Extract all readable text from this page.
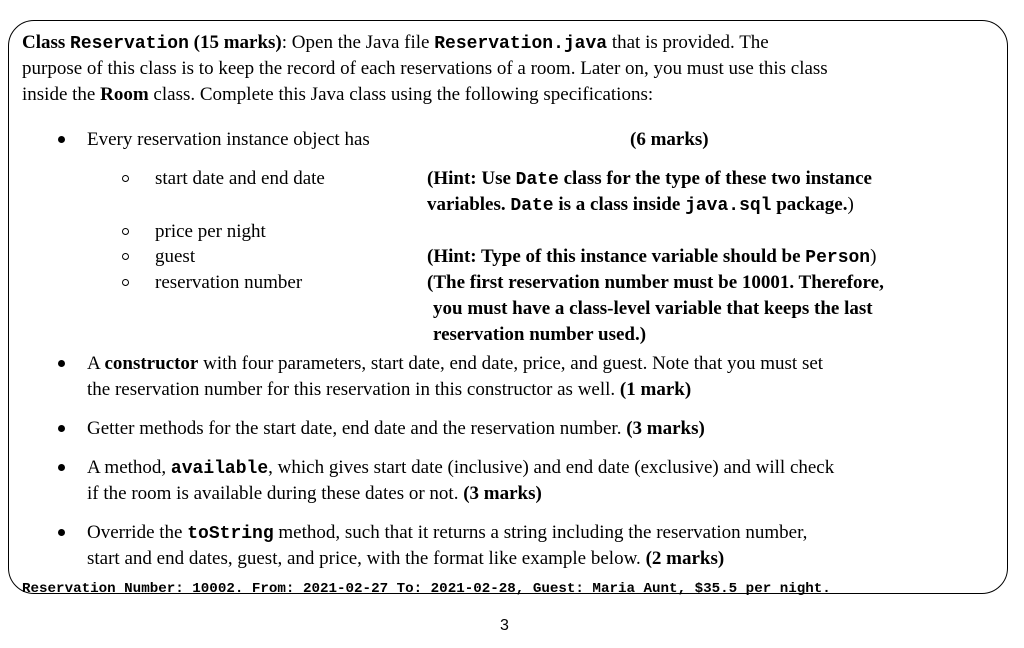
Class Reservation (15 marks): Open the Java file Reservation.java that is provided. The
purpose of this class is to keep the record of each reservations of a room. Later on, you must use this class
inside the Room class. Complete this Java class using the following specifications:
Every reservation instance object has	(6 marks)
start date and end date	(Hint: Use Date class for the type of these two instance
variables. Date is a class inside java.sql package.)
price per night
guest	(Hint: Type of this instance variable should be Person)
reservation number	(The first reservation number must be 10001. Therefore,
you must have a class-level variable that keeps the last
reservation number used.)
A constructor with four parameters, start date, end date, price, and guest. Note that you must set
the reservation number for this reservation in this constructor as well. (1 mark)
Getter methods for the start date, end date and the reservation number. (3 marks)
A method, available, which gives start date (inclusive) and end date (exclusive) and will check
if the room is available during these dates or not. (3 marks)
Override the toString method, such that it returns a string including the reservation number,
start and end dates, guest, and price, with the format like example below. (2 marks)
Reservation Number: 10002. From: 2021-02-27 To: 2021-02-28, Guest: Maria Aunt, $35.5 per night.
3
